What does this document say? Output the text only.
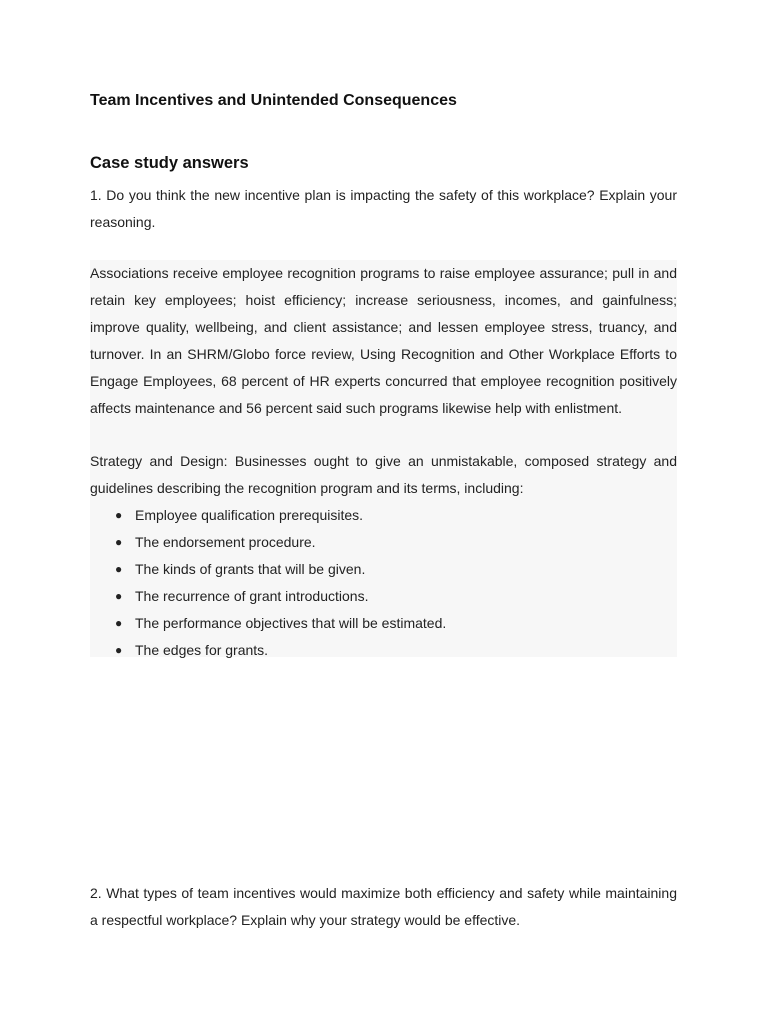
Team Incentives and Unintended Consequences
Case study answers

1. Do you think the new incentive plan is impacting the safety of this workplace? Explain your reasoning.

Associations receive employee recognition programs to raise employee assurance; pull in and retain key employees; hoist efficiency; increase seriousness, incomes, and gainfulness; improve quality, wellbeing, and client assistance; and lessen employee stress, truancy, and turnover. In an SHRM/Globo force review, Using Recognition and Other Workplace Efforts to Engage Employees, 68 percent of HR experts concurred that employee recognition positively affects maintenance and 56 percent said such programs likewise help with enlistment.

Strategy and Design: Businesses ought to give an unmistakable, composed strategy and guidelines describing the recognition program and its terms, including:

● Employee qualification prerequisites.
● The endorsement procedure.
● The kinds of grants that will be given.
● The recurrence of grant introductions.
● The performance objectives that will be estimated.
● The edges for grants.

2. What types of team incentives would maximize both efficiency and safety while maintaining a respectful workplace? Explain why your strategy would be effective.
